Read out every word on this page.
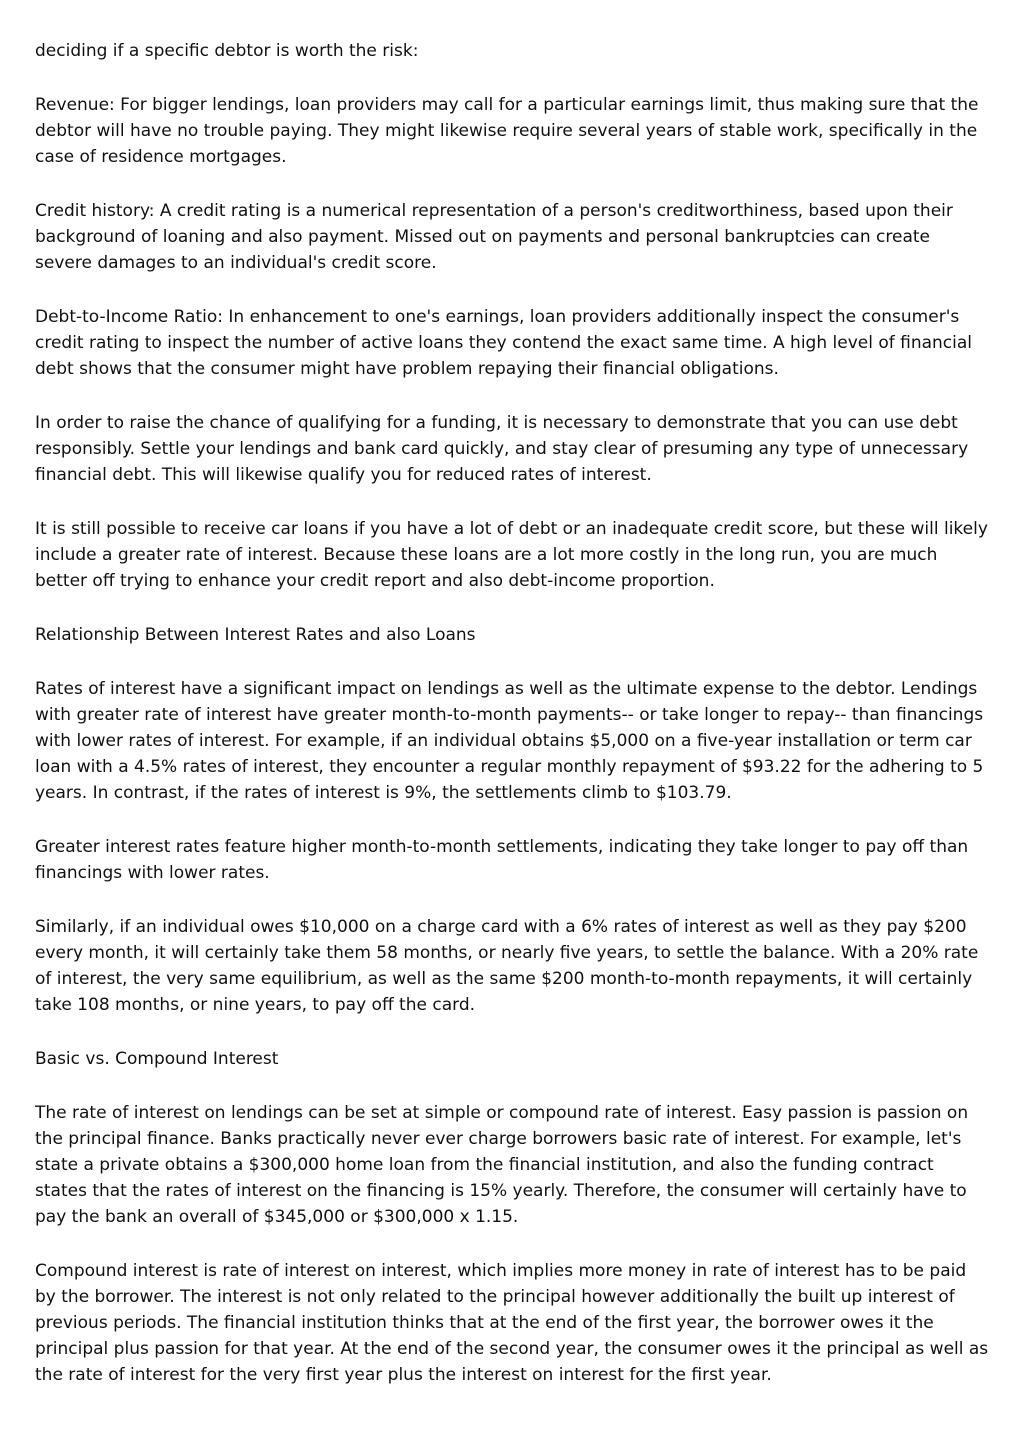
deciding if a specific debtor is worth the risk:

Revenue: For bigger lendings, loan providers may call for a particular earnings limit, thus making sure that the debtor will have no trouble paying. They might likewise require several years of stable work, specifically in the case of residence mortgages.

Credit history: A credit rating is a numerical representation of a person's creditworthiness, based upon their background of loaning and also payment. Missed out on payments and personal bankruptcies can create severe damages to an individual's credit score.

Debt-to-Income Ratio: In enhancement to one's earnings, loan providers additionally inspect the consumer's credit rating to inspect the number of active loans they contend the exact same time. A high level of financial debt shows that the consumer might have problem repaying their financial obligations.

In order to raise the chance of qualifying for a funding, it is necessary to demonstrate that you can use debt responsibly. Settle your lendings and bank card quickly, and stay clear of presuming any type of unnecessary financial debt. This will likewise qualify you for reduced rates of interest.

It is still possible to receive car loans if you have a lot of debt or an inadequate credit score, but these will likely include a greater rate of interest. Because these loans are a lot more costly in the long run, you are much better off trying to enhance your credit report and also debt-income proportion.

Relationship Between Interest Rates and also Loans

Rates of interest have a significant impact on lendings as well as the ultimate expense to the debtor. Lendings with greater rate of interest have greater month-to-month payments-- or take longer to repay-- than financings with lower rates of interest. For example, if an individual obtains $5,000 on a five-year installation or term car loan with a 4.5% rates of interest, they encounter a regular monthly repayment of $93.22 for the adhering to 5 years. In contrast, if the rates of interest is 9%, the settlements climb to $103.79.

Greater interest rates feature higher month-to-month settlements, indicating they take longer to pay off than financings with lower rates.

Similarly, if an individual owes $10,000 on a charge card with a 6% rates of interest as well as they pay $200 every month, it will certainly take them 58 months, or nearly five years, to settle the balance. With a 20% rate of interest, the very same equilibrium, as well as the same $200 month-to-month repayments, it will certainly take 108 months, or nine years, to pay off the card.

Basic vs. Compound Interest

The rate of interest on lendings can be set at simple or compound rate of interest. Easy passion is passion on the principal finance. Banks practically never ever charge borrowers basic rate of interest. For example, let's state a private obtains a $300,000 home loan from the financial institution, and also the funding contract states that the rates of interest on the financing is 15% yearly. Therefore, the consumer will certainly have to pay the bank an overall of $345,000 or $300,000 x 1.15.

Compound interest is rate of interest on interest, which implies more money in rate of interest has to be paid by the borrower. The interest is not only related to the principal however additionally the built up interest of previous periods. The financial institution thinks that at the end of the first year, the borrower owes it the principal plus passion for that year. At the end of the second year, the consumer owes it the principal as well as the rate of interest for the very first year plus the interest on interest for the first year.
